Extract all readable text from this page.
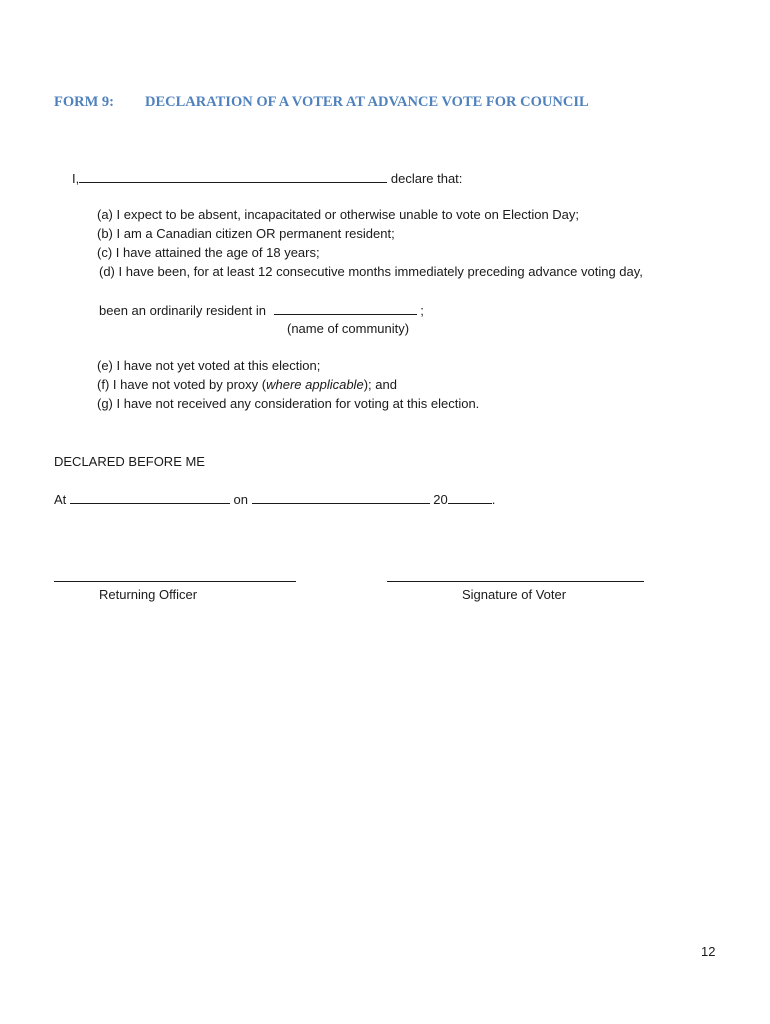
FORM 9: DECLARATION OF A VOTER AT ADVANCE VOTE FOR COUNCIL
I,	declare that:
(a) I expect to be absent, incapacitated or otherwise unable to vote on Election Day;
(b) I am a Canadian citizen OR permanent resident;
(c) I have attained the age of 18 years;
(d) I have been, for at least 12 consecutive months immediately preceding advance voting day,
been an ordinarily resident in	;
(name of community)
(e) I have not yet voted at this election;
(f) I have not voted by proxy (where applicable); and
(g) I have not received any consideration for voting at this election.
DECLARED BEFORE ME
At	on	20	.
Returning Officer	Signature of Voter
12
